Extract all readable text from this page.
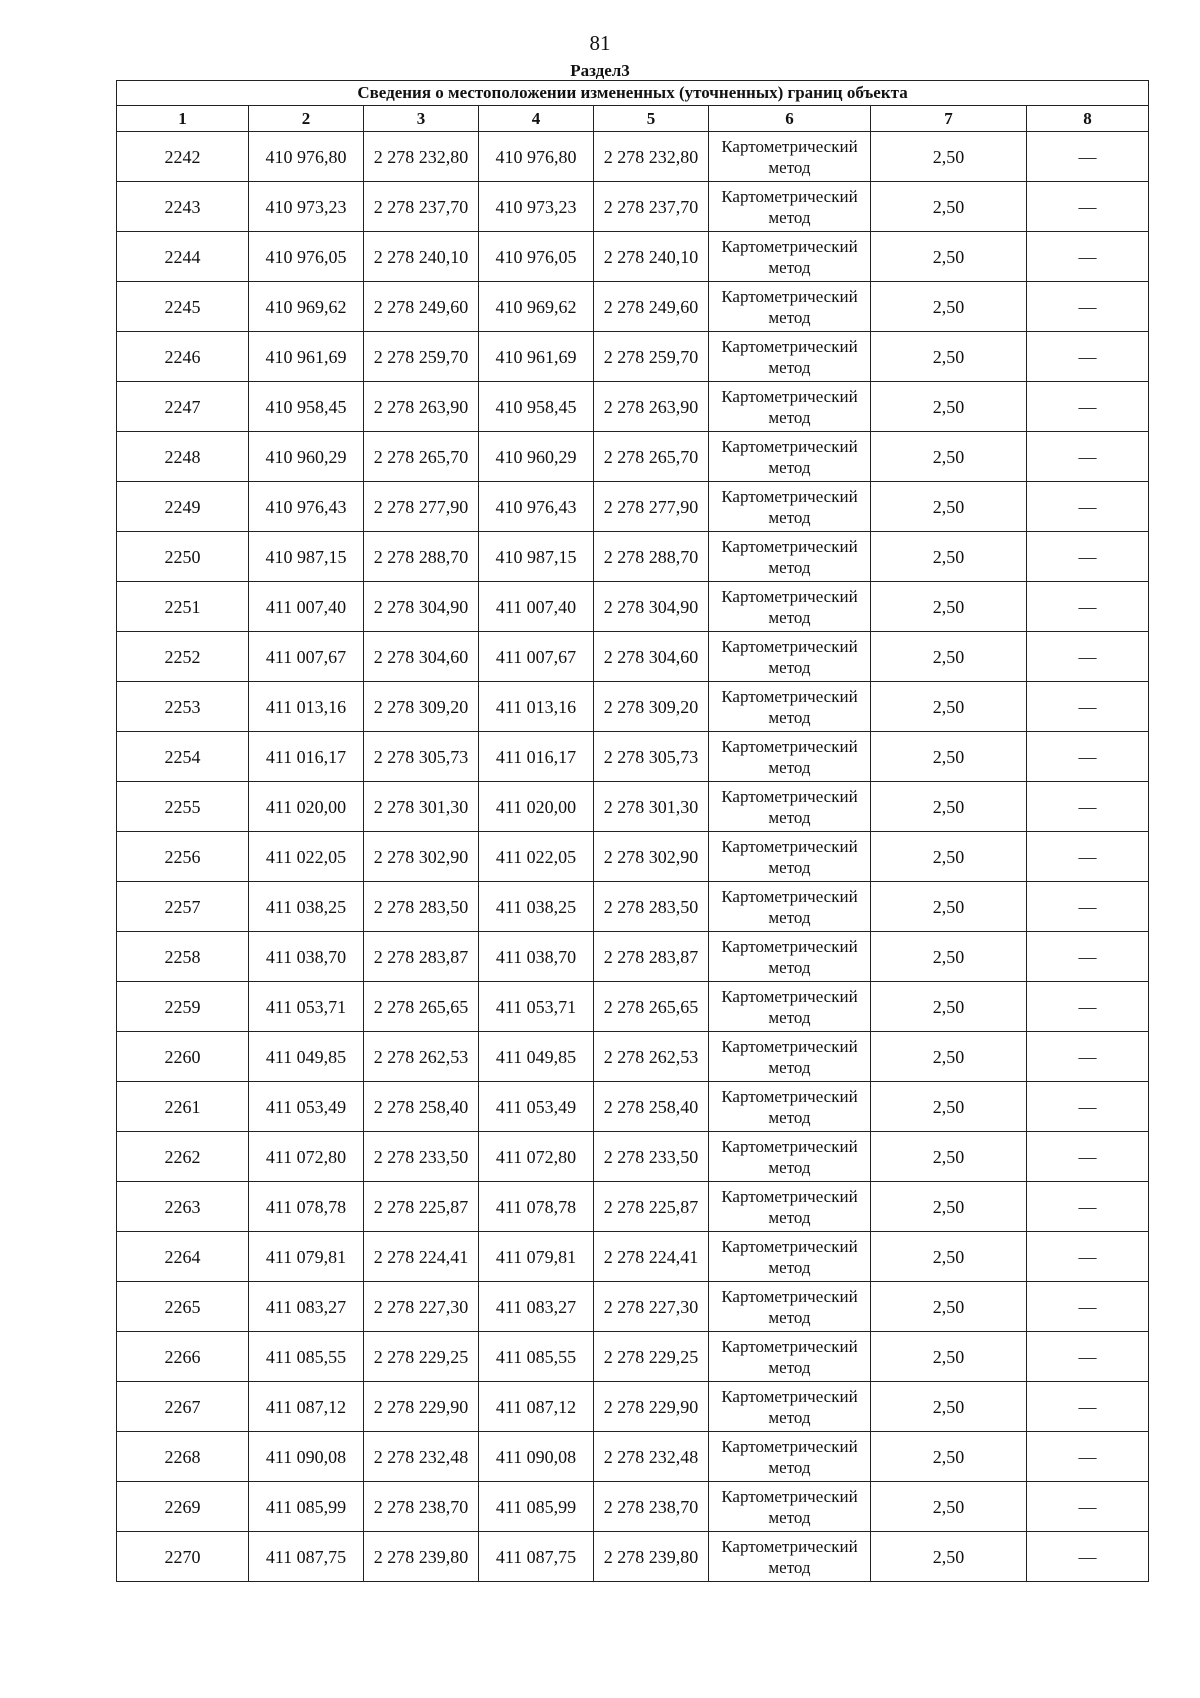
81
Раздел3
Сведения о местоположении измененных (уточненных) границ объекта							
1	2	3	4	5	6	7	8
2242	410 976,80	2 278 232,80	410 976,80	2 278 232,80	Картометрический метод	2,50	—
2243	410 973,23	2 278 237,70	410 973,23	2 278 237,70	Картометрический метод	2,50	—
2244	410 976,05	2 278 240,10	410 976,05	2 278 240,10	Картометрический метод	2,50	—
2245	410 969,62	2 278 249,60	410 969,62	2 278 249,60	Картометрический метод	2,50	—
2246	410 961,69	2 278 259,70	410 961,69	2 278 259,70	Картометрический метод	2,50	—
2247	410 958,45	2 278 263,90	410 958,45	2 278 263,90	Картометрический метод	2,50	—
2248	410 960,29	2 278 265,70	410 960,29	2 278 265,70	Картометрический метод	2,50	—
2249	410 976,43	2 278 277,90	410 976,43	2 278 277,90	Картометрический метод	2,50	—
2250	410 987,15	2 278 288,70	410 987,15	2 278 288,70	Картометрический метод	2,50	—
2251	411 007,40	2 278 304,90	411 007,40	2 278 304,90	Картометрический метод	2,50	—
2252	411 007,67	2 278 304,60	411 007,67	2 278 304,60	Картометрический метод	2,50	—
2253	411 013,16	2 278 309,20	411 013,16	2 278 309,20	Картометрический метод	2,50	—
2254	411 016,17	2 278 305,73	411 016,17	2 278 305,73	Картометрический метод	2,50	—
2255	411 020,00	2 278 301,30	411 020,00	2 278 301,30	Картометрический метод	2,50	—
2256	411 022,05	2 278 302,90	411 022,05	2 278 302,90	Картометрический метод	2,50	—
2257	411 038,25	2 278 283,50	411 038,25	2 278 283,50	Картометрический метод	2,50	—
2258	411 038,70	2 278 283,87	411 038,70	2 278 283,87	Картометрический метод	2,50	—
2259	411 053,71	2 278 265,65	411 053,71	2 278 265,65	Картометрический метод	2,50	—
2260	411 049,85	2 278 262,53	411 049,85	2 278 262,53	Картометрический метод	2,50	—
2261	411 053,49	2 278 258,40	411 053,49	2 278 258,40	Картометрический метод	2,50	—
2262	411 072,80	2 278 233,50	411 072,80	2 278 233,50	Картометрический метод	2,50	—
2263	411 078,78	2 278 225,87	411 078,78	2 278 225,87	Картометрический метод	2,50	—
2264	411 079,81	2 278 224,41	411 079,81	2 278 224,41	Картометрический метод	2,50	—
2265	411 083,27	2 278 227,30	411 083,27	2 278 227,30	Картометрический метод	2,50	—
2266	411 085,55	2 278 229,25	411 085,55	2 278 229,25	Картометрический метод	2,50	—
2267	411 087,12	2 278 229,90	411 087,12	2 278 229,90	Картометрический метод	2,50	—
2268	411 090,08	2 278 232,48	411 090,08	2 278 232,48	Картометрический метод	2,50	—
2269	411 085,99	2 278 238,70	411 085,99	2 278 238,70	Картометрический метод	2,50	—
2270	411 087,75	2 278 239,80	411 087,75	2 278 239,80	Картометрический метод	2,50	—
